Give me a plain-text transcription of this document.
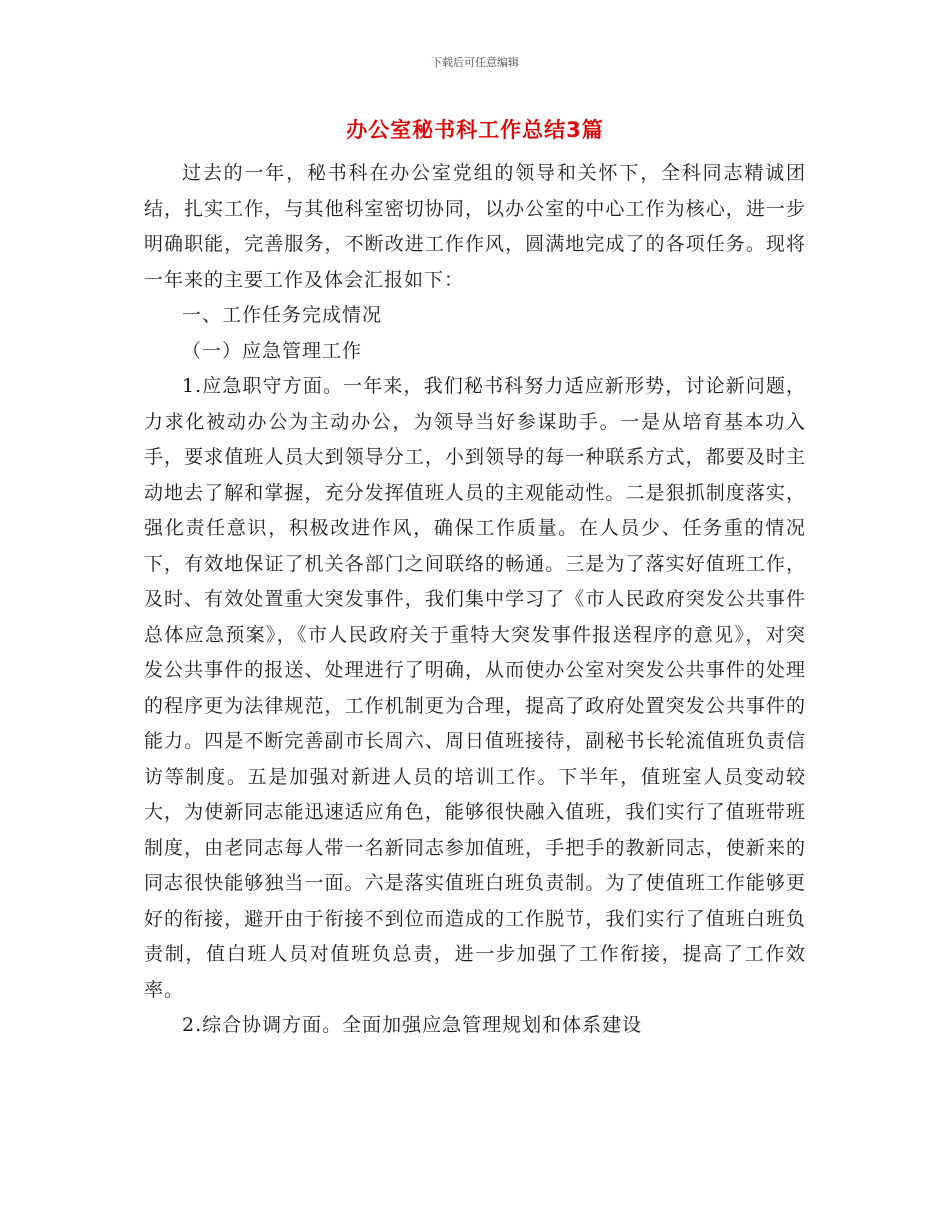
下载后可任意编辑
办公室秘书科工作总结3篇

过去的一年，秘书科在办公室党组的领导和关怀下，全科同志精诚团结，扎实工作，与其他科室密切协同，以办公室的中心工作为核心，进一步明确职能，完善服务，不断改进工作作风，圆满地完成了的各项任务。现将一年来的主要工作及体会汇报如下：

一、工作任务完成情况

（一）应急管理工作

1.应急职守方面。一年来，我们秘书科努力适应新形势，讨论新问题，力求化被动办公为主动办公，为领导当好参谋助手。一是从培育基本功入手，要求值班人员大到领导分工，小到领导的每一种联系方式，都要及时主动地去了解和掌握，充分发挥值班人员的主观能动性。二是狠抓制度落实，强化责任意识，积极改进作风，确保工作质量。在人员少、任务重的情况下，有效地保证了机关各部门之间联络的畅通。三是为了落实好值班工作，及时、有效处置重大突发事件，我们集中学习了《市人民政府突发公共事件总体应急预案》，《市人民政府关于重特大突发事件报送程序的意见》，对突发公共事件的报送、处理进行了明确，从而使办公室对突发公共事件的处理的程序更为法律规范，工作机制更为合理，提高了政府处置突发公共事件的能力。四是不断完善副市长周六、周日值班接待，副秘书长轮流值班负责信访等制度。五是加强对新进人员的培训工作。下半年，值班室人员变动较大，为使新同志能迅速适应角色，能够很快融入值班，我们实行了值班带班制度，由老同志每人带一名新同志参加值班，手把手的教新同志，使新来的同志很快能够独当一面。六是落实值班白班负责制。为了使值班工作能够更好的衔接，避开由于衔接不到位而造成的工作脱节，我们实行了值班白班负责制，值白班人员对值班负总责，进一步加强了工作衔接，提高了工作效率。

2.综合协调方面。全面加强应急管理规划和体系建设
